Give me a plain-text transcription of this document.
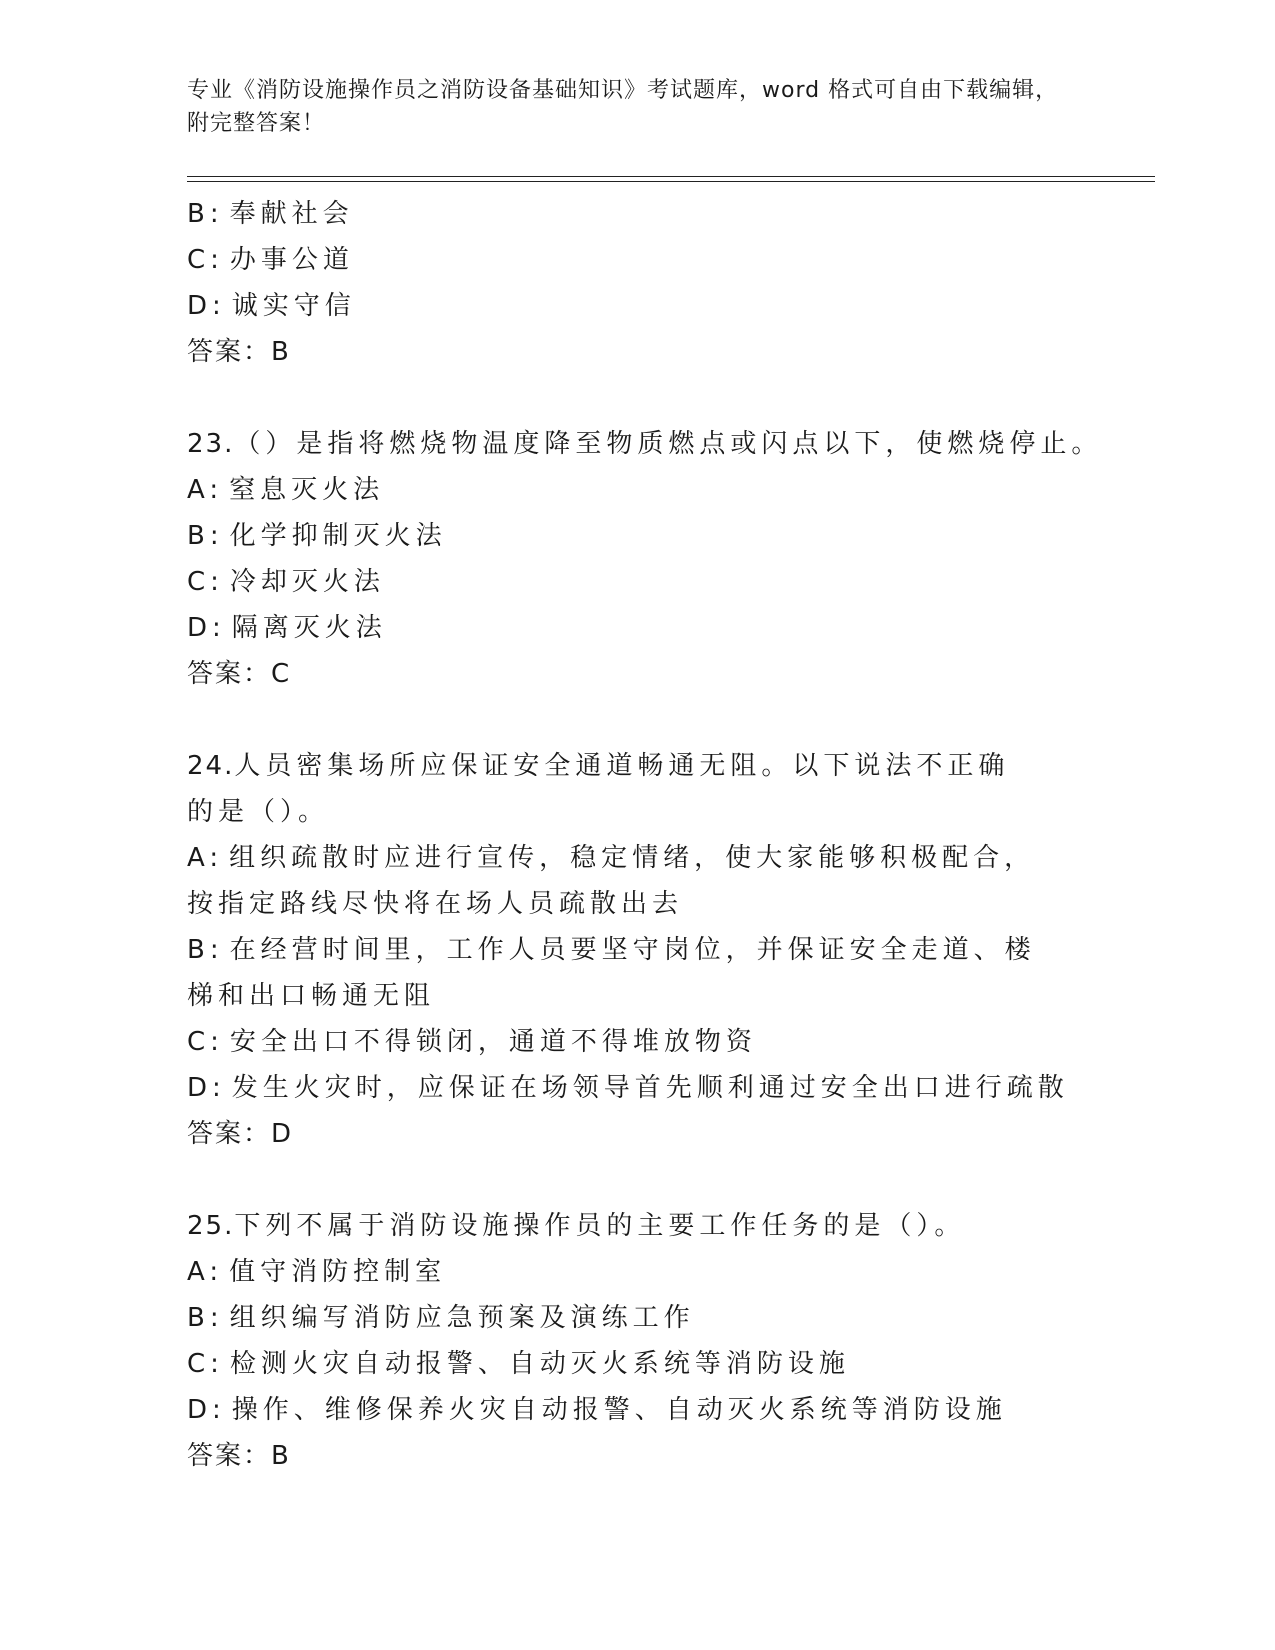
专业《消防设施操作员之消防设备基础知识》考试题库，word 格式可自由下载编辑，附完整答案！
B: 奉献社会
C: 办事公道
D: 诚实守信
答案：B
23.（）是指将燃烧物温度降至物质燃点或闪点以下，使燃烧停止。
A: 窒息灭火法
B: 化学抑制灭火法
C: 冷却灭火法
D: 隔离灭火法
答案：C
24.人员密集场所应保证安全通道畅通无阻。以下说法不正确的是（）。
A: 组织疏散时应进行宣传，稳定情绪，使大家能够积极配合，按指定路线尽快将在场人员疏散出去
B: 在经营时间里，工作人员要坚守岗位，并保证安全走道、楼梯和出口畅通无阻
C: 安全出口不得锁闭，通道不得堆放物资
D: 发生火灾时，应保证在场领导首先顺利通过安全出口进行疏散
答案：D
25.下列不属于消防设施操作员的主要工作任务的是（）。
A: 值守消防控制室
B: 组织编写消防应急预案及演练工作
C: 检测火灾自动报警、自动灭火系统等消防设施
D: 操作、维修保养火灾自动报警、自动灭火系统等消防设施
答案：B
